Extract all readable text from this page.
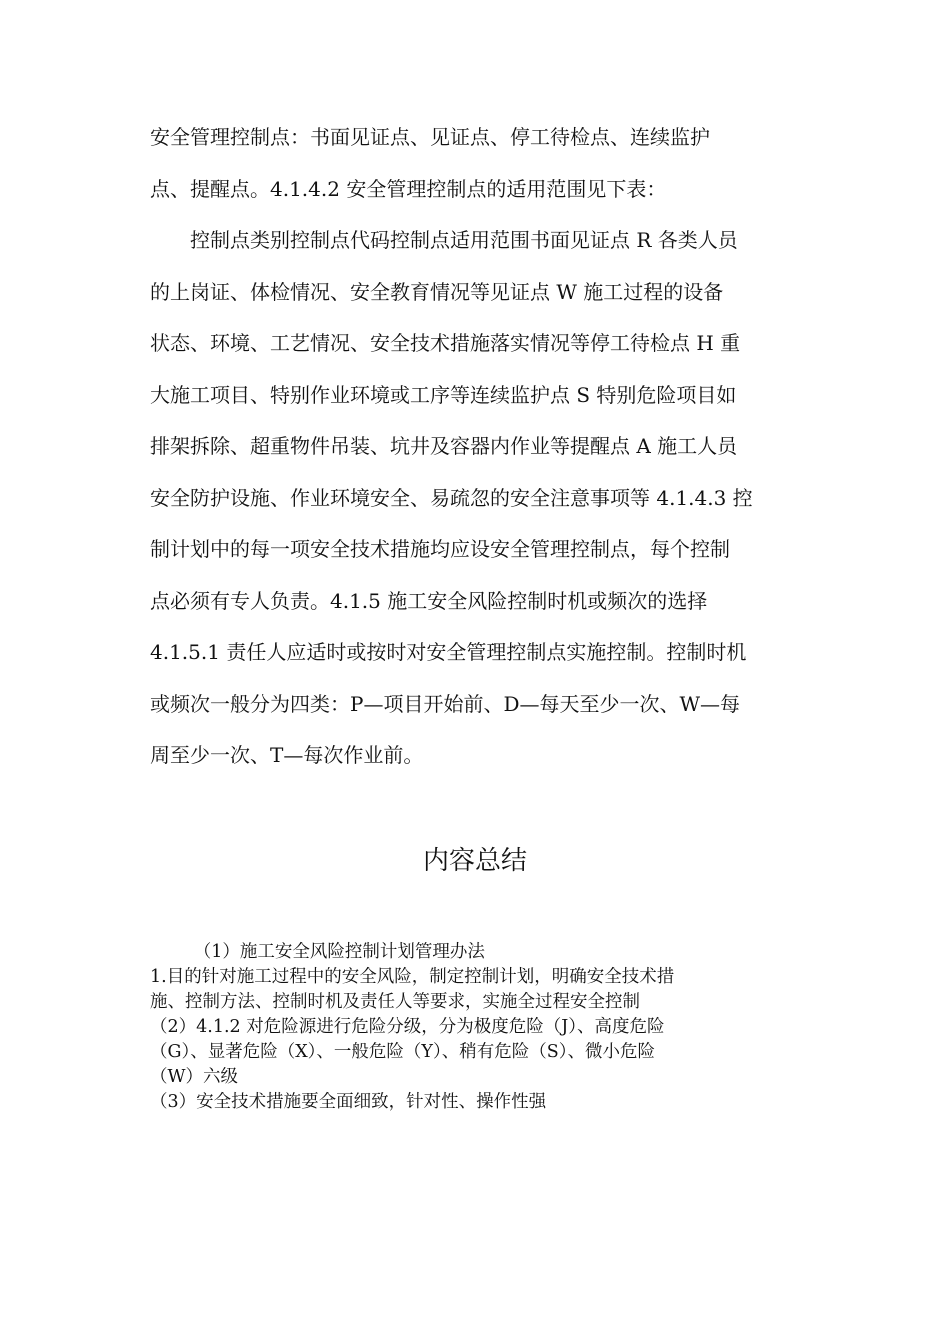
安全管理控制点：书面见证点、见证点、停工待检点、连续监护
点、提醒点。4.1.4.2 安全管理控制点的适用范围见下表：
　　控制点类别控制点代码控制点适用范围书面见证点 R 各类人员
的上岗证、体检情况、安全教育情况等见证点 W 施工过程的设备
状态、环境、工艺情况、安全技术措施落实情况等停工待检点 H 重
大施工项目、特别作业环境或工序等连续监护点 S 特别危险项目如
排架拆除、超重物件吊装、坑井及容器内作业等提醒点 A 施工人员
安全防护设施、作业环境安全、易疏忽的安全注意事项等 4.1.4.3 控
制计划中的每一项安全技术措施均应设安全管理控制点，每个控制
点必须有专人负责。4.1.5 施工安全风险控制时机或频次的选择
4.1.5.1 责任人应适时或按时对安全管理控制点实施控制。控制时机
或频次一般分为四类：P—项目开始前、D—每天至少一次、W—每
周至少一次、T—每次作业前。
内容总结
　　　（1）施工安全风险控制计划管理办法
1.目的针对施工过程中的安全风险，制定控制计划，明确安全技术措
施、控制方法、控制时机及责任人等要求，实施全过程安全控制
（2）4.1.2 对危险源进行危险分级，分为极度危险（J）、高度危险
（G）、显著危险（X）、一般危险（Y）、稍有危险（S）、微小危险
（W）六级
（3）安全技术措施要全面细致，针对性、操作性强
